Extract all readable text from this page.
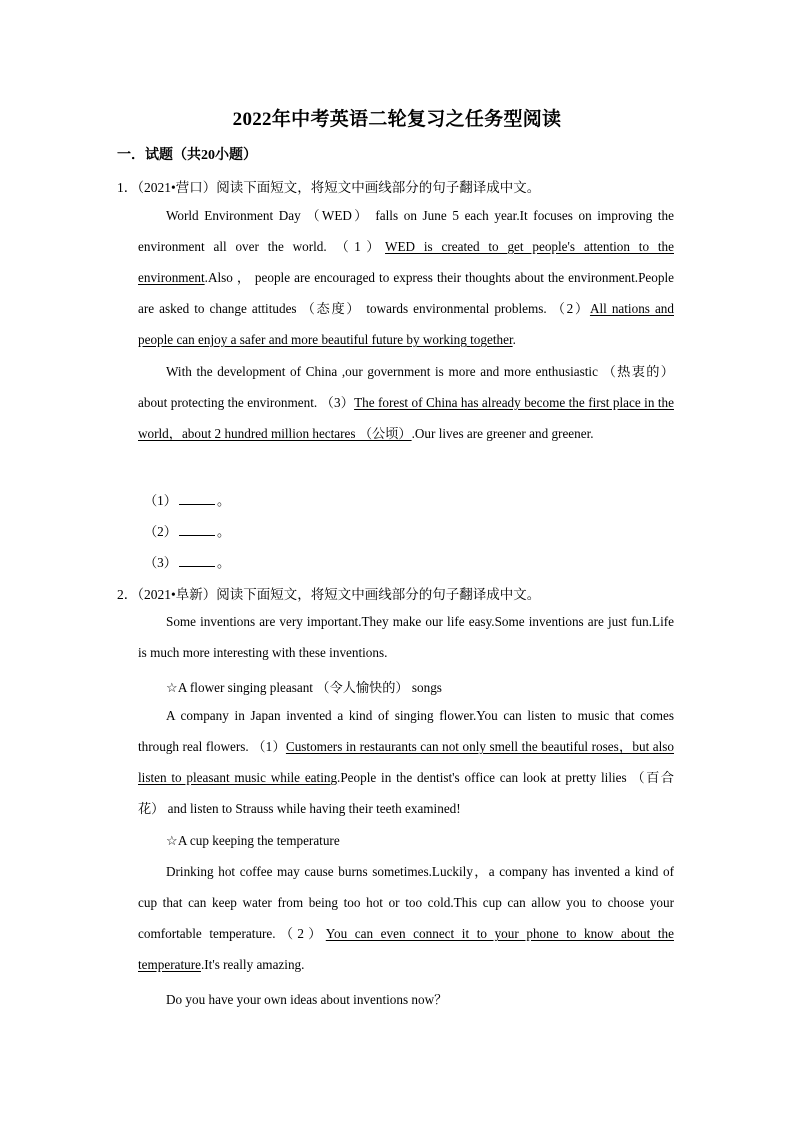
2022年中考英语二轮复习之任务型阅读
一．试题（共20小题）
1．（2021•营口）阅读下面短文，将短文中画线部分的句子翻译成中文。

World Environment Day （WED） falls on June 5 each year.It focuses on improving the environment all over the world. （1）WED is created to get people's attention to the environment.Also ， people are encouraged to express their thoughts about the environment.People are asked to change attitudes （态度） towards environmental problems. （2）All nations and people can enjoy a safer and more beautiful future by working together.

With the development of China ,our government is more and more enthusiastic （热衷的） about protecting the environment. （3）The forest of China has already become the first place in the world，about 2 hundred million hectares （公顷）.Our lives are greener and greener.

（1）	。
（2）	。
（3）	。
2．（2021•阜新）阅读下面短文，将短文中画线部分的句子翻译成中文。

Some inventions are very important.They make our life easy.Some inventions are just fun.Life is much more interesting with these inventions.

☆A flower singing pleasant （令人愉快的） songs

A company in Japan invented a kind of singing flower.You can listen to music that comes through real flowers. （1）Customers in restaurants can not only smell the beautiful roses，but also listen to pleasant music while eating.People in the dentist's office can look at pretty lilies （百合花） and listen to Strauss while having their teeth examined!

☆A cup keeping the temperature

Drinking hot coffee may cause burns sometimes.Luckily，a company has invented a kind of cup that can keep water from being too hot or too cold.This cup can allow you to choose your comfortable temperature.（2）You can even connect it to your phone to know about the temperature.It's really amazing.

Do you have your own ideas about inventions now？
